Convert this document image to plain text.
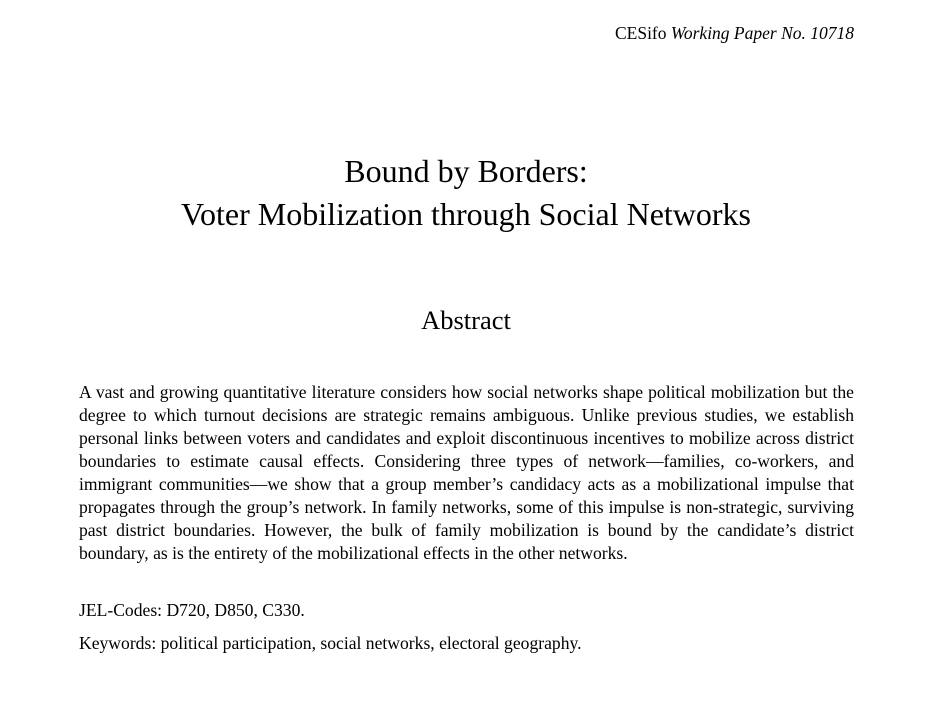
CESifo Working Paper No. 10718
Bound by Borders:
Voter Mobilization through Social Networks
Abstract

A vast and growing quantitative literature considers how social networks shape political mobilization but the degree to which turnout decisions are strategic remains ambiguous. Unlike previous studies, we establish personal links between voters and candidates and exploit discontinuous incentives to mobilize across district boundaries to estimate causal effects. Considering three types of network—families, co-workers, and immigrant communities—we show that a group member’s candidacy acts as a mobilizational impulse that propagates through the group’s network. In family networks, some of this impulse is non-strategic, surviving past district boundaries. However, the bulk of family mobilization is bound by the candidate’s district boundary, as is the entirety of the mobilizational effects in the other networks.

JEL-Codes: D720, D850, C330.
Keywords: political participation, social networks, electoral geography.
